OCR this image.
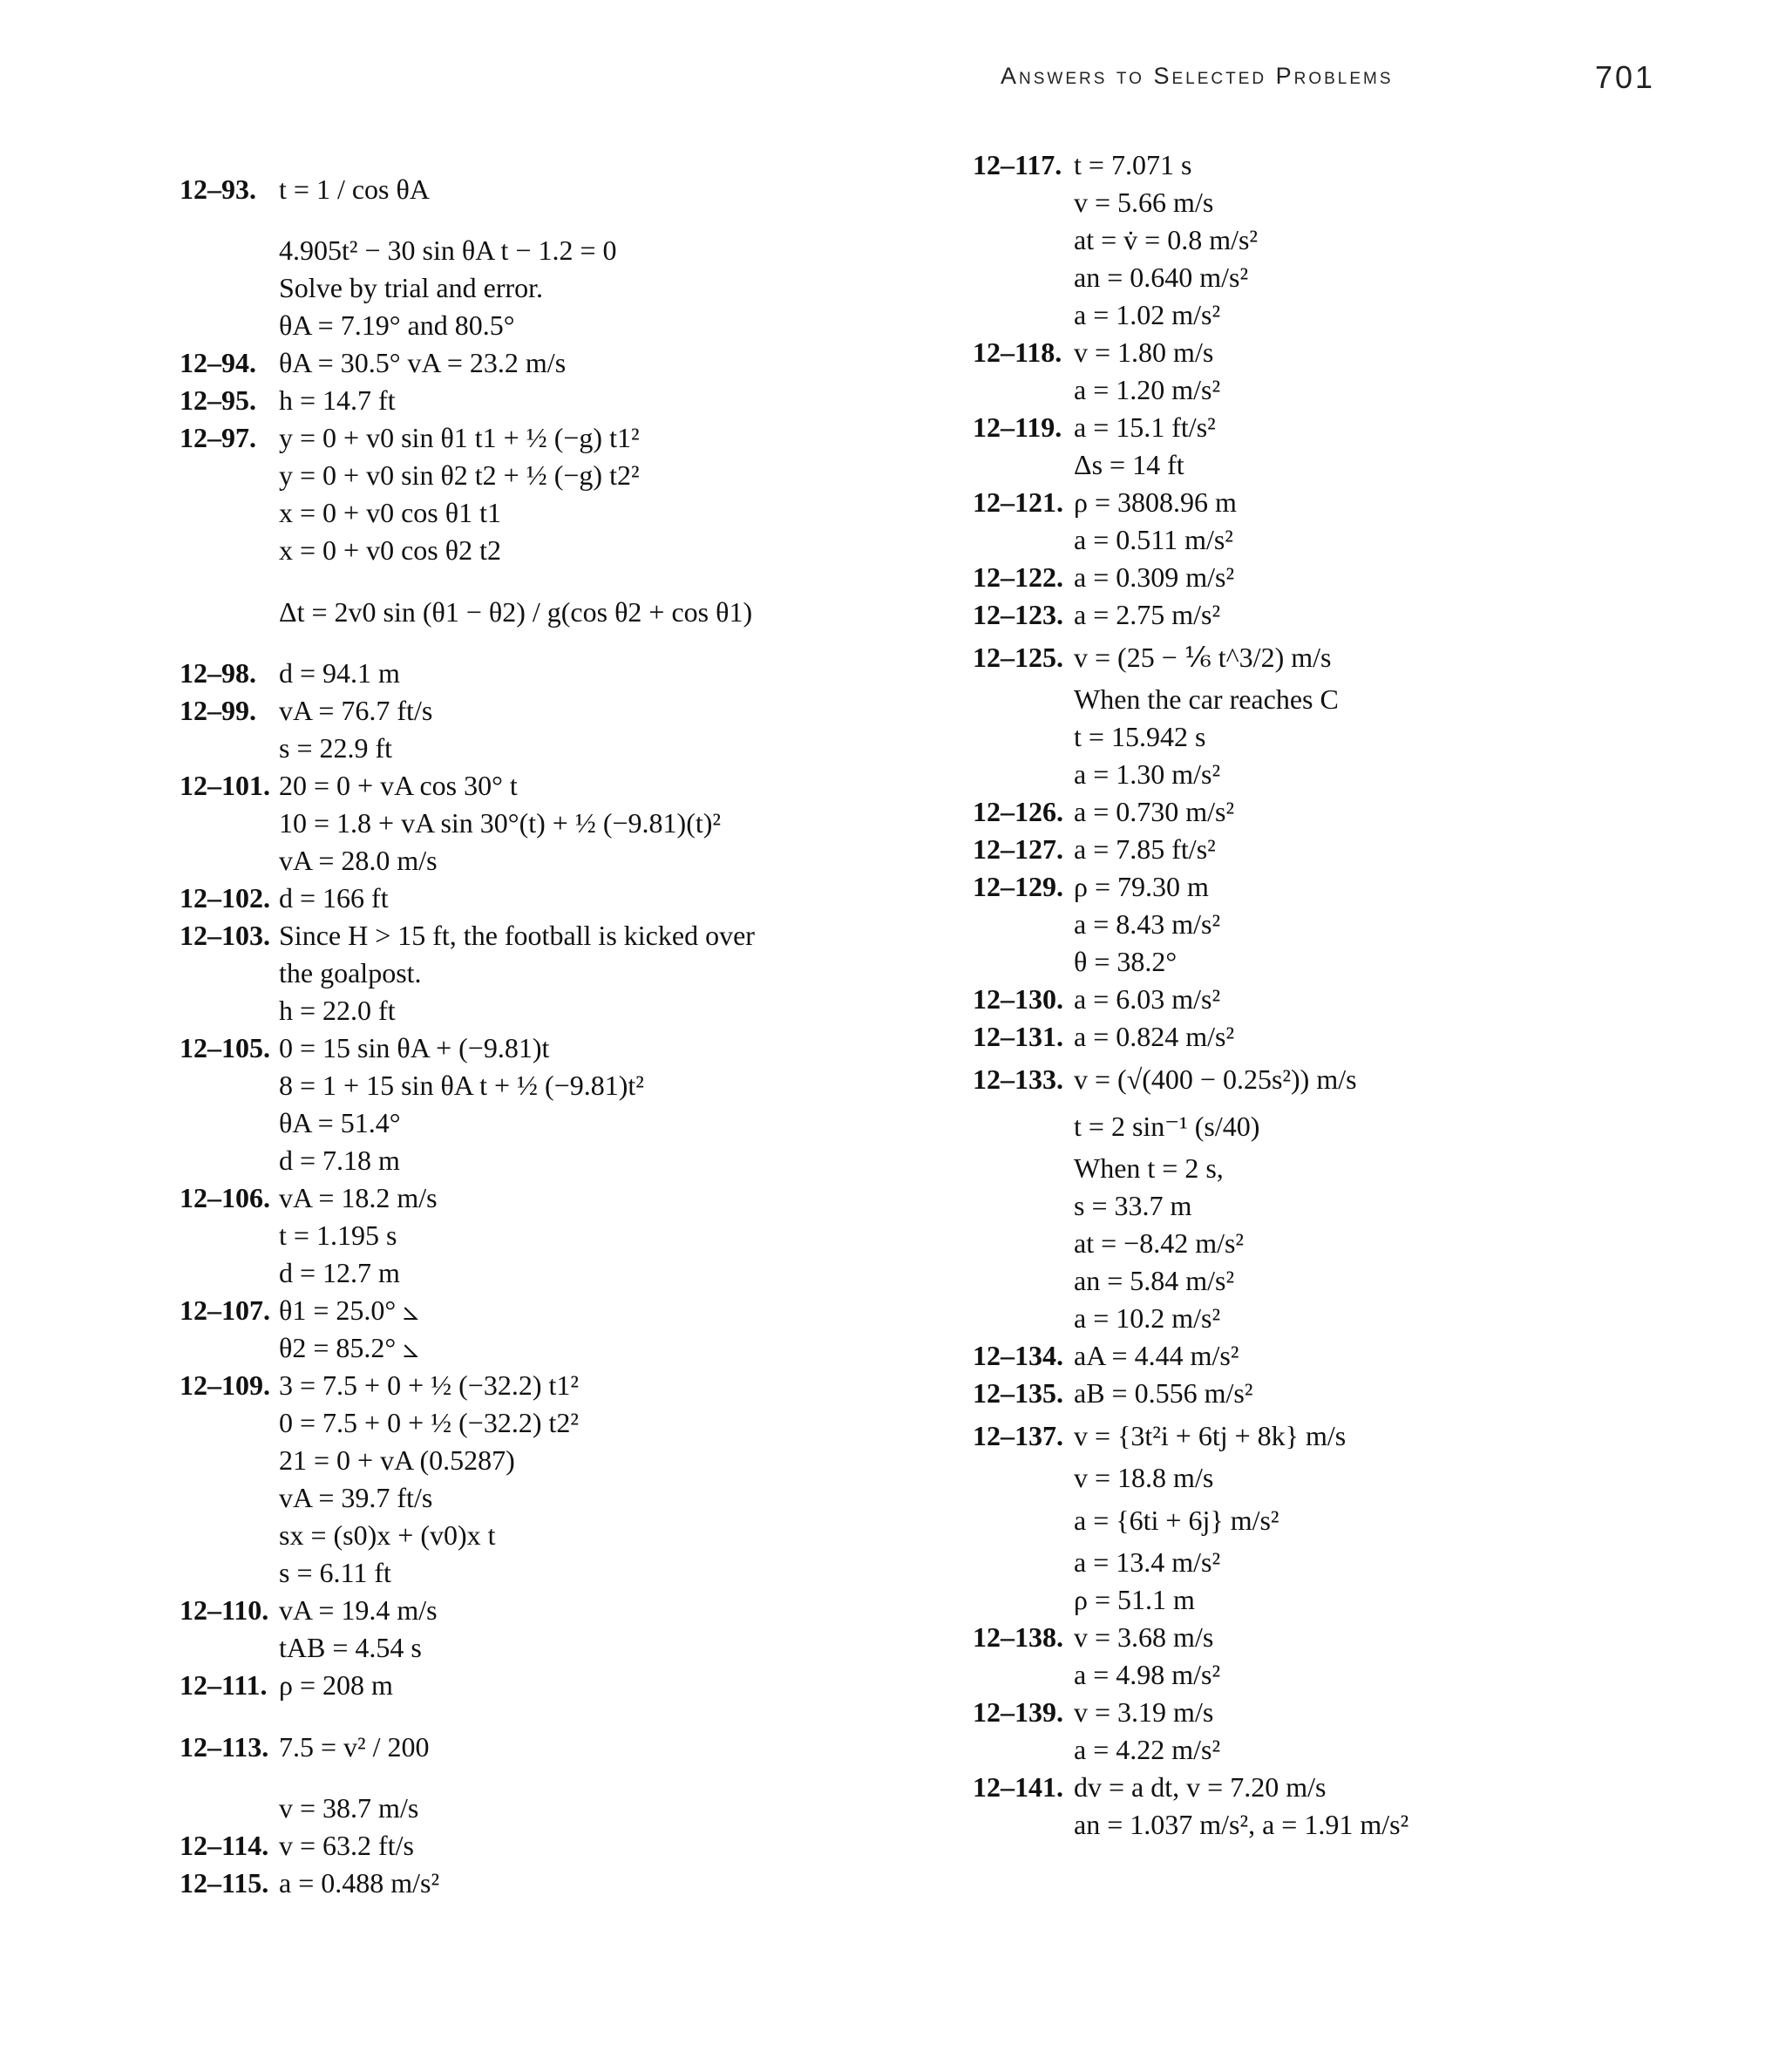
Answers to Selected Problems	701
12–93. t = 1 / cos θA
4.905t² − 30 sin θA t − 1.2 = 0
Solve by trial and error.
θA = 7.19° and 80.5°
12–94. θA = 30.5° vA = 23.2 m/s
12–95. h = 14.7 ft
12–97. y = 0 + v0 sin θ1 t1 + ½ (−g) t1²
y = 0 + v0 sin θ2 t2 + ½ (−g) t2²
x = 0 + v0 cos θ1 t1
x = 0 + v0 cos θ2 t2
Δt = 2v0 sin (θ1 − θ2) / g(cos θ2 + cos θ1)
12–98. d = 94.1 m
12–99. vA = 76.7 ft/s
s = 22.9 ft
12–101. 20 = 0 + vA cos 30° t
10 = 1.8 + vA sin 30°(t) + ½ (−9.81)(t)²
vA = 28.0 m/s
12–102. d = 166 ft
12–103. Since H > 15 ft, the football is kicked over
the goalpost.
h = 22.0 ft
12–105. 0 = 15 sin θA + (−9.81)t
8 = 1 + 15 sin θA t + ½ (−9.81)t²
θA = 51.4°
d = 7.18 m
12–106. vA = 18.2 m/s
t = 1.195 s
d = 12.7 m
12–107. θ1 = 25.0° ⦣
θ2 = 85.2° ⦣
12–109. 3 = 7.5 + 0 + ½ (−32.2) t1²
0 = 7.5 + 0 + ½ (−32.2) t2²
21 = 0 + vA (0.5287)
vA = 39.7 ft/s
sx = (s0)x + (v0)x t
s = 6.11 ft
12–110. vA = 19.4 m/s
tAB = 4.54 s
12–111. ρ = 208 m
12–113. 7.5 = v² / 200
v = 38.7 m/s
12–114. v = 63.2 ft/s
12–115. a = 0.488 m/s²
12–117. t = 7.071 s
v = 5.66 m/s
at = v̇ = 0.8 m/s²
an = 0.640 m/s²
a = 1.02 m/s²
12–118. v = 1.80 m/s
a = 1.20 m/s²
12–119. a = 15.1 ft/s²
Δs = 14 ft
12–121. ρ = 3808.96 m
a = 0.511 m/s²
12–122. a = 0.309 m/s²
12–123. a = 2.75 m/s²
12–125. v = (25 − ⅙ t^3/2) m/s
When the car reaches C
t = 15.942 s
a = 1.30 m/s²
12–126. a = 0.730 m/s²
12–127. a = 7.85 ft/s²
12–129. ρ = 79.30 m
a = 8.43 m/s²
θ = 38.2°
12–130. a = 6.03 m/s²
12–131. a = 0.824 m/s²
12–133. v = (√(400 − 0.25s²)) m/s
t = 2 sin⁻¹ (s/40)
When t = 2 s,
s = 33.7 m
at = −8.42 m/s²
an = 5.84 m/s²
a = 10.2 m/s²
12–134. aA = 4.44 m/s²
12–135. aB = 0.556 m/s²
12–137. v = {3t²i + 6tj + 8k} m/s
v = 18.8 m/s
a = {6ti + 6j} m/s²
a = 13.4 m/s²
ρ = 51.1 m
12–138. v = 3.68 m/s
a = 4.98 m/s²
12–139. v = 3.19 m/s
a = 4.22 m/s²
12–141. dv = a dt, v = 7.20 m/s
an = 1.037 m/s², a = 1.91 m/s²
